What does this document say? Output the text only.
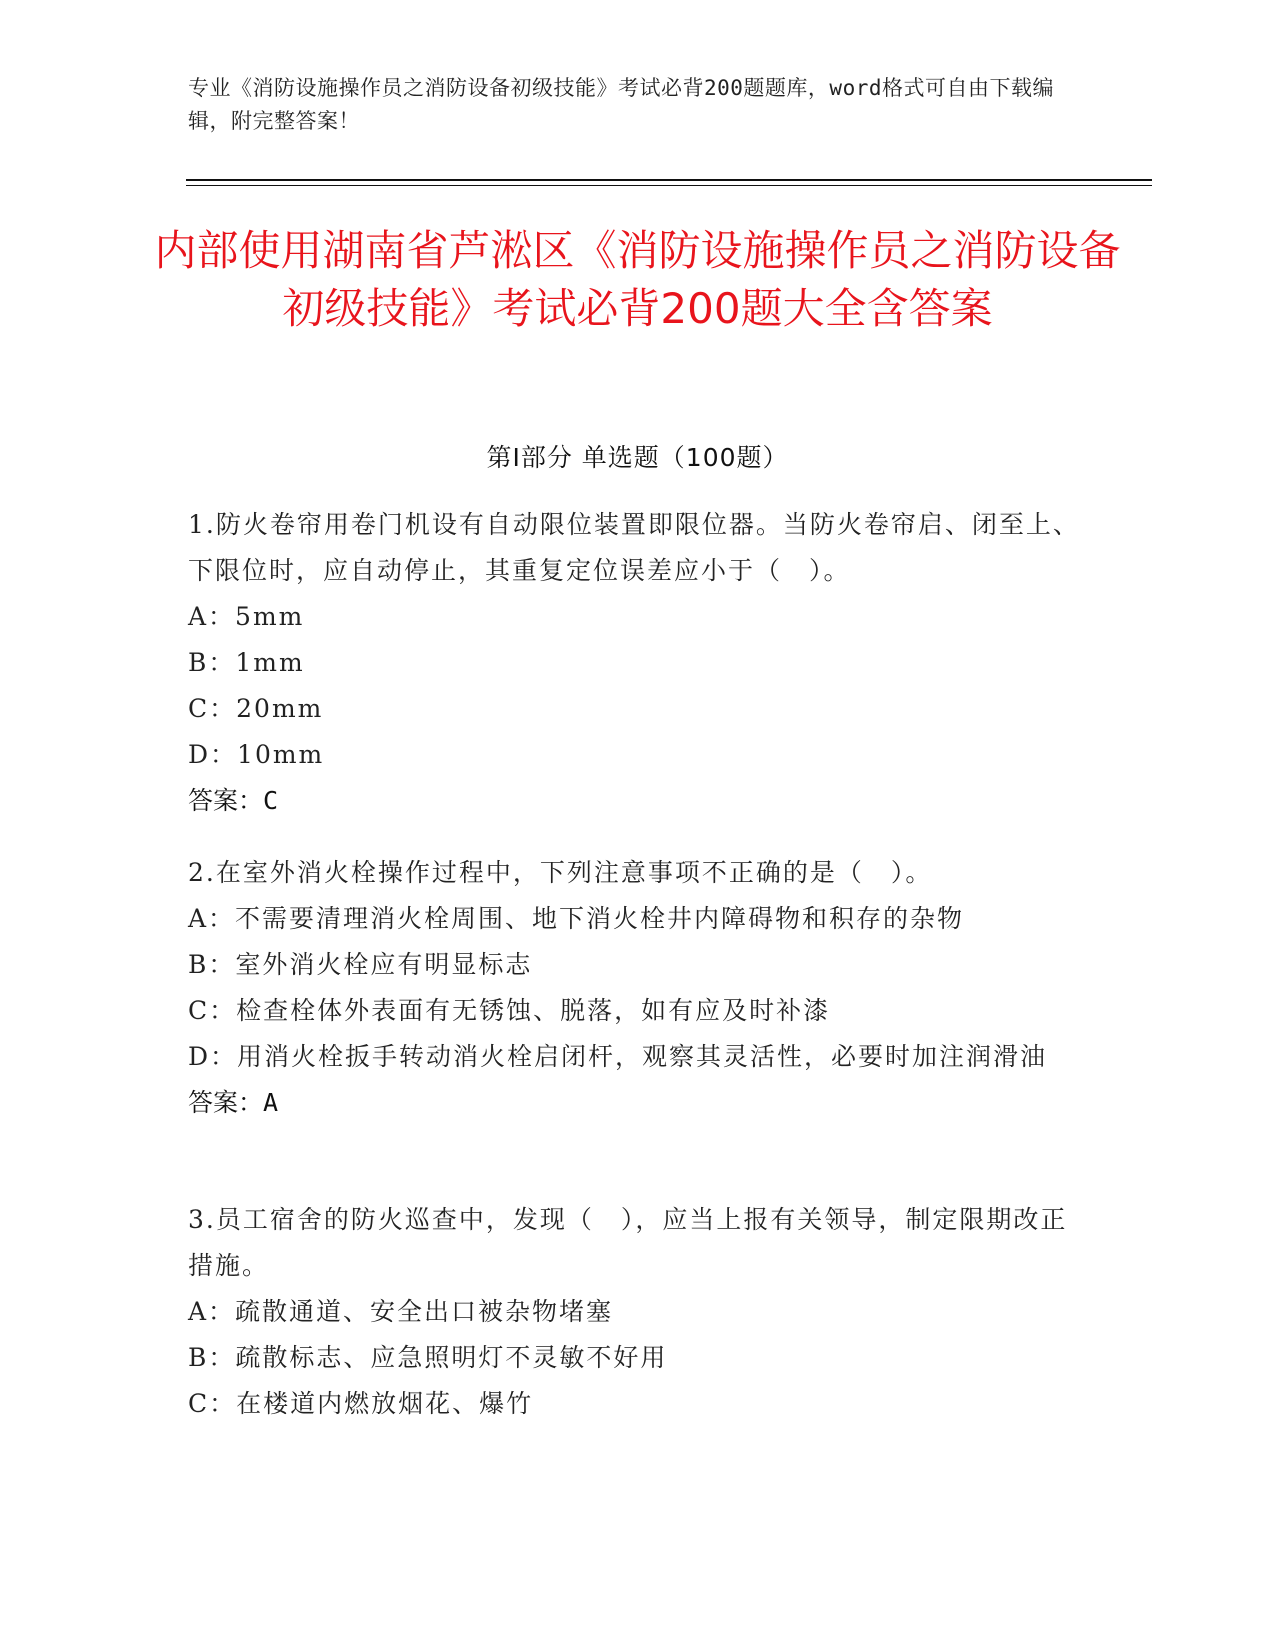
专业《消防设施操作员之消防设备初级技能》考试必背200题题库，word格式可自由下载编辑，附完整答案！
内部使用湖南省芦淞区《消防设施操作员之消防设备初级技能》考试必背200题大全含答案
第Ⅰ部分 单选题（100题）

1.防火卷帘用卷门机设有自动限位装置即限位器。当防火卷帘启、闭至上、下限位时，应自动停止，其重复定位误差应小于（　）。

A：5mm

B：1mm

C：20mm

D：10mm

答案：C

2.在室外消火栓操作过程中，下列注意事项不正确的是（　）。

A：不需要清理消火栓周围、地下消火栓井内障碍物和积存的杂物

B：室外消火栓应有明显标志

C：检查栓体外表面有无锈蚀、脱落，如有应及时补漆

D：用消火栓扳手转动消火栓启闭杆，观察其灵活性，必要时加注润滑油

答案：A

3.员工宿舍的防火巡查中，发现（　），应当上报有关领导，制定限期改正措施。

A：疏散通道、安全出口被杂物堵塞

B：疏散标志、应急照明灯不灵敏不好用

C：在楼道内燃放烟花、爆竹
